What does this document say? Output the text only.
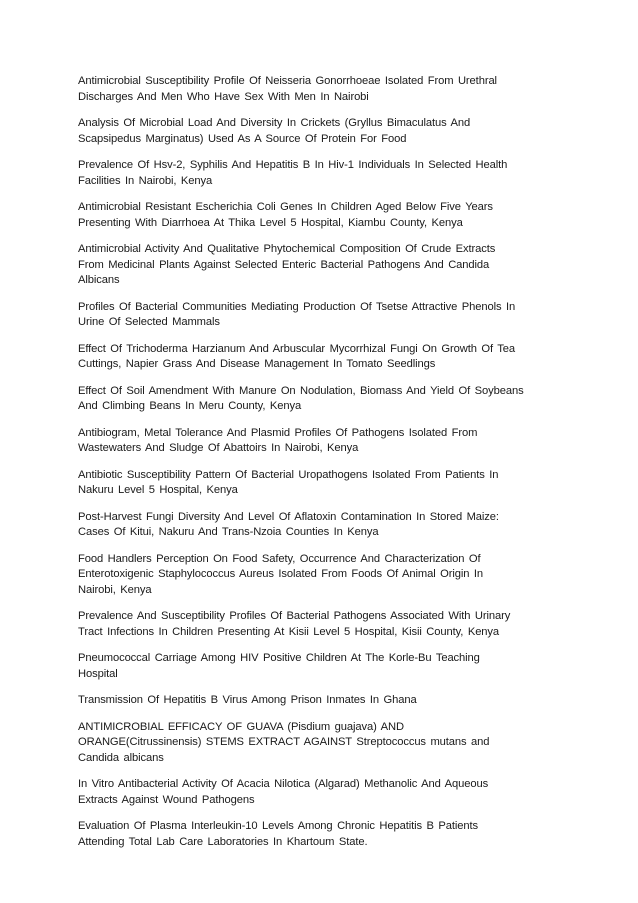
Antimicrobial Susceptibility Profile Of Neisseria Gonorrhoeae Isolated From Urethral
Discharges And Men Who Have Sex With Men In Nairobi

Analysis Of Microbial Load And Diversity In Crickets (Gryllus Bimaculatus And
Scapsipedus Marginatus) Used As A Source Of Protein For Food

Prevalence Of Hsv-2, Syphilis And Hepatitis B In Hiv-1 Individuals In Selected Health
Facilities In Nairobi, Kenya

Antimicrobial Resistant Escherichia Coli Genes In Children Aged Below Five Years
Presenting With Diarrhoea At Thika Level 5 Hospital, Kiambu County, Kenya

Antimicrobial Activity And Qualitative Phytochemical Composition Of Crude Extracts
From Medicinal Plants Against Selected Enteric Bacterial Pathogens And Candida
Albicans

Profiles Of Bacterial Communities Mediating Production Of Tsetse Attractive Phenols In
Urine Of Selected Mammals

Effect Of Trichoderma Harzianum And Arbuscular Mycorrhizal Fungi On Growth Of Tea
Cuttings, Napier Grass And Disease Management In Tomato Seedlings

Effect Of Soil Amendment With Manure On Nodulation, Biomass And Yield Of Soybeans
And Climbing Beans In Meru County, Kenya

Antibiogram, Metal Tolerance And Plasmid Profiles Of Pathogens Isolated From
Wastewaters And Sludge Of Abattoirs In Nairobi, Kenya

Antibiotic Susceptibility Pattern Of Bacterial Uropathogens Isolated From Patients In
Nakuru Level 5 Hospital, Kenya

Post-Harvest Fungi Diversity And Level Of Aflatoxin Contamination In Stored Maize:
Cases Of Kitui, Nakuru And Trans-Nzoia Counties In Kenya

Food Handlers Perception On Food Safety, Occurrence And Characterization Of
Enterotoxigenic Staphylococcus Aureus Isolated From Foods Of Animal Origin In
Nairobi, Kenya

Prevalence And Susceptibility Profiles Of Bacterial Pathogens Associated With Urinary
Tract Infections In Children Presenting At Kisii Level 5 Hospital, Kisii County, Kenya

Pneumococcal Carriage Among HIV Positive Children At The Korle-Bu Teaching
Hospital

Transmission Of Hepatitis B Virus Among Prison Inmates In Ghana

ANTIMICROBIAL EFFICACY OF GUAVA (Pisdium guajava) AND
ORANGE(Citrussinensis) STEMS EXTRACT AGAINST Streptococcus mutans and
Candida albicans

In Vitro Antibacterial Activity Of Acacia Nilotica (Algarad) Methanolic And Aqueous
Extracts Against Wound Pathogens

Evaluation Of Plasma Interleukin-10 Levels Among Chronic Hepatitis B Patients
Attending Total Lab Care Laboratories In Khartoum State.
